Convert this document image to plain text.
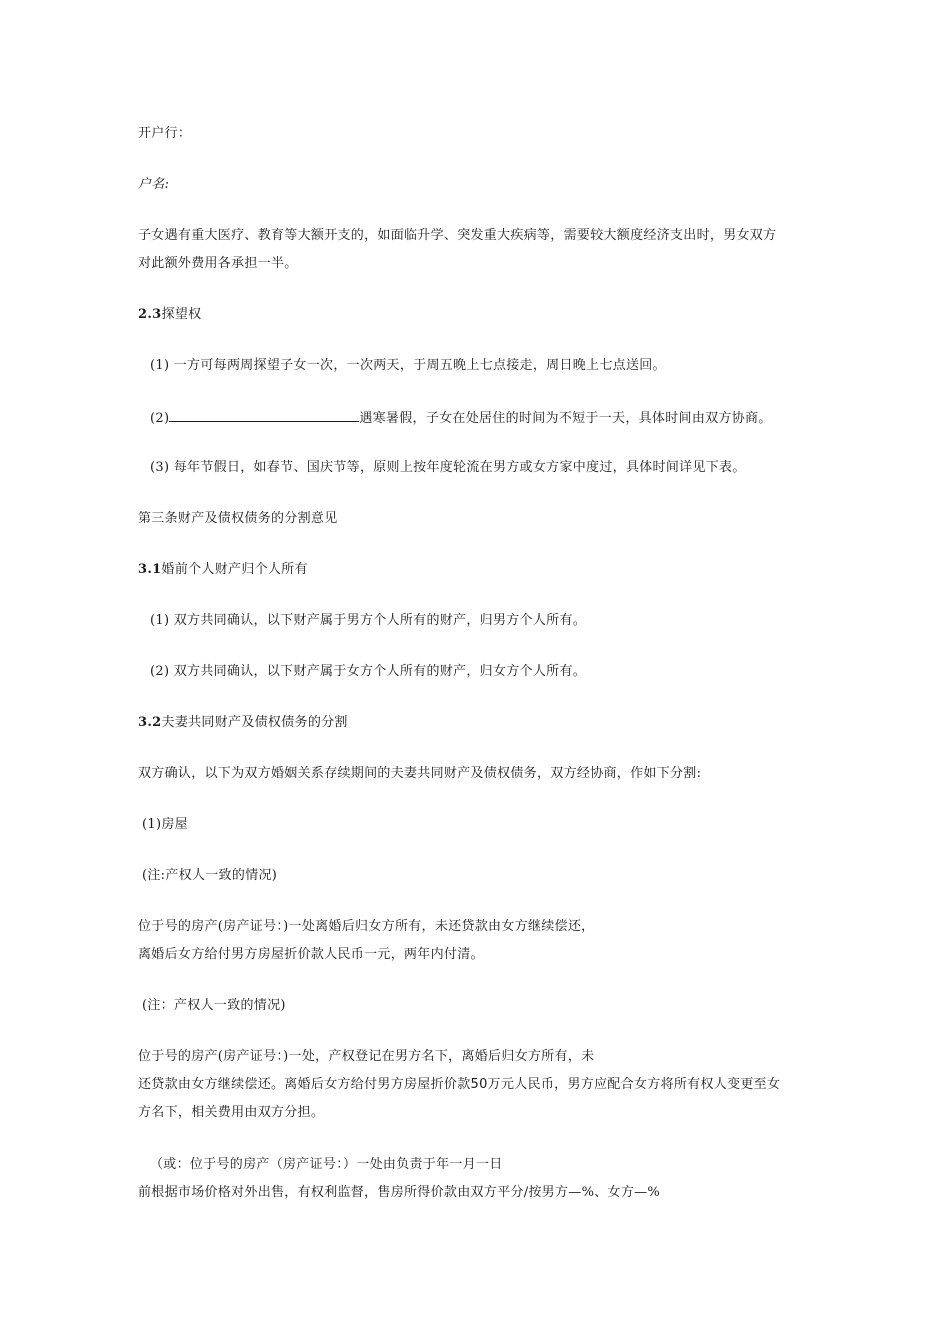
开户行：
户名:
子女遇有重大医疗、教育等大额开支的，如面临升学、突发重大疾病等，需要较大额度经济支出时，男女双方
对此额外费用各承担一半。
2.3探望权
(1) 一方可每两周探望子女一次，一次两天，于周五晚上七点接走，周日晚上七点送回。
(2)	遇寒暑假，子女在处居住的时间为不短于一天，具体时间由双方协商。
(3) 每年节假日，如春节、国庆节等，原则上按年度轮流在男方或女方家中度过，具体时间详见下表。
第三条财产及债权债务的分割意见
3.1婚前个人财产归个人所有
(1) 双方共同确认，以下财产属于男方个人所有的财产，归男方个人所有。
(2) 双方共同确认，以下财产属于女方个人所有的财产，归女方个人所有。
3.2夫妻共同财产及债权债务的分割
双方确认，以下为双方婚姻关系存续期间的夫妻共同财产及债权债务，双方经协商，作如下分割:
(1)房屋
(注:产权人一致的情况)
位于号的房产(房产证号：)一处离婚后归女方所有，未还贷款由女方继续偿还，
离婚后女方给付男方房屋折价款人民币一元，两年内付清。
(注：产权人一致的情况)
位于号的房产(房产证号：)一处，产权登记在男方名下，离婚后归女方所有，未
还贷款由女方继续偿还。离婚后女方给付男方房屋折价款50万元人民币，男方应配合女方将所有权人变更至女
方名下，相关费用由双方分担。
（或：位于号的房产（房产证号：）一处由负责于年一月一日
前根据市场价格对外出售，有权利监督，售房所得价款由双方平分/按男方—%、女方—%
